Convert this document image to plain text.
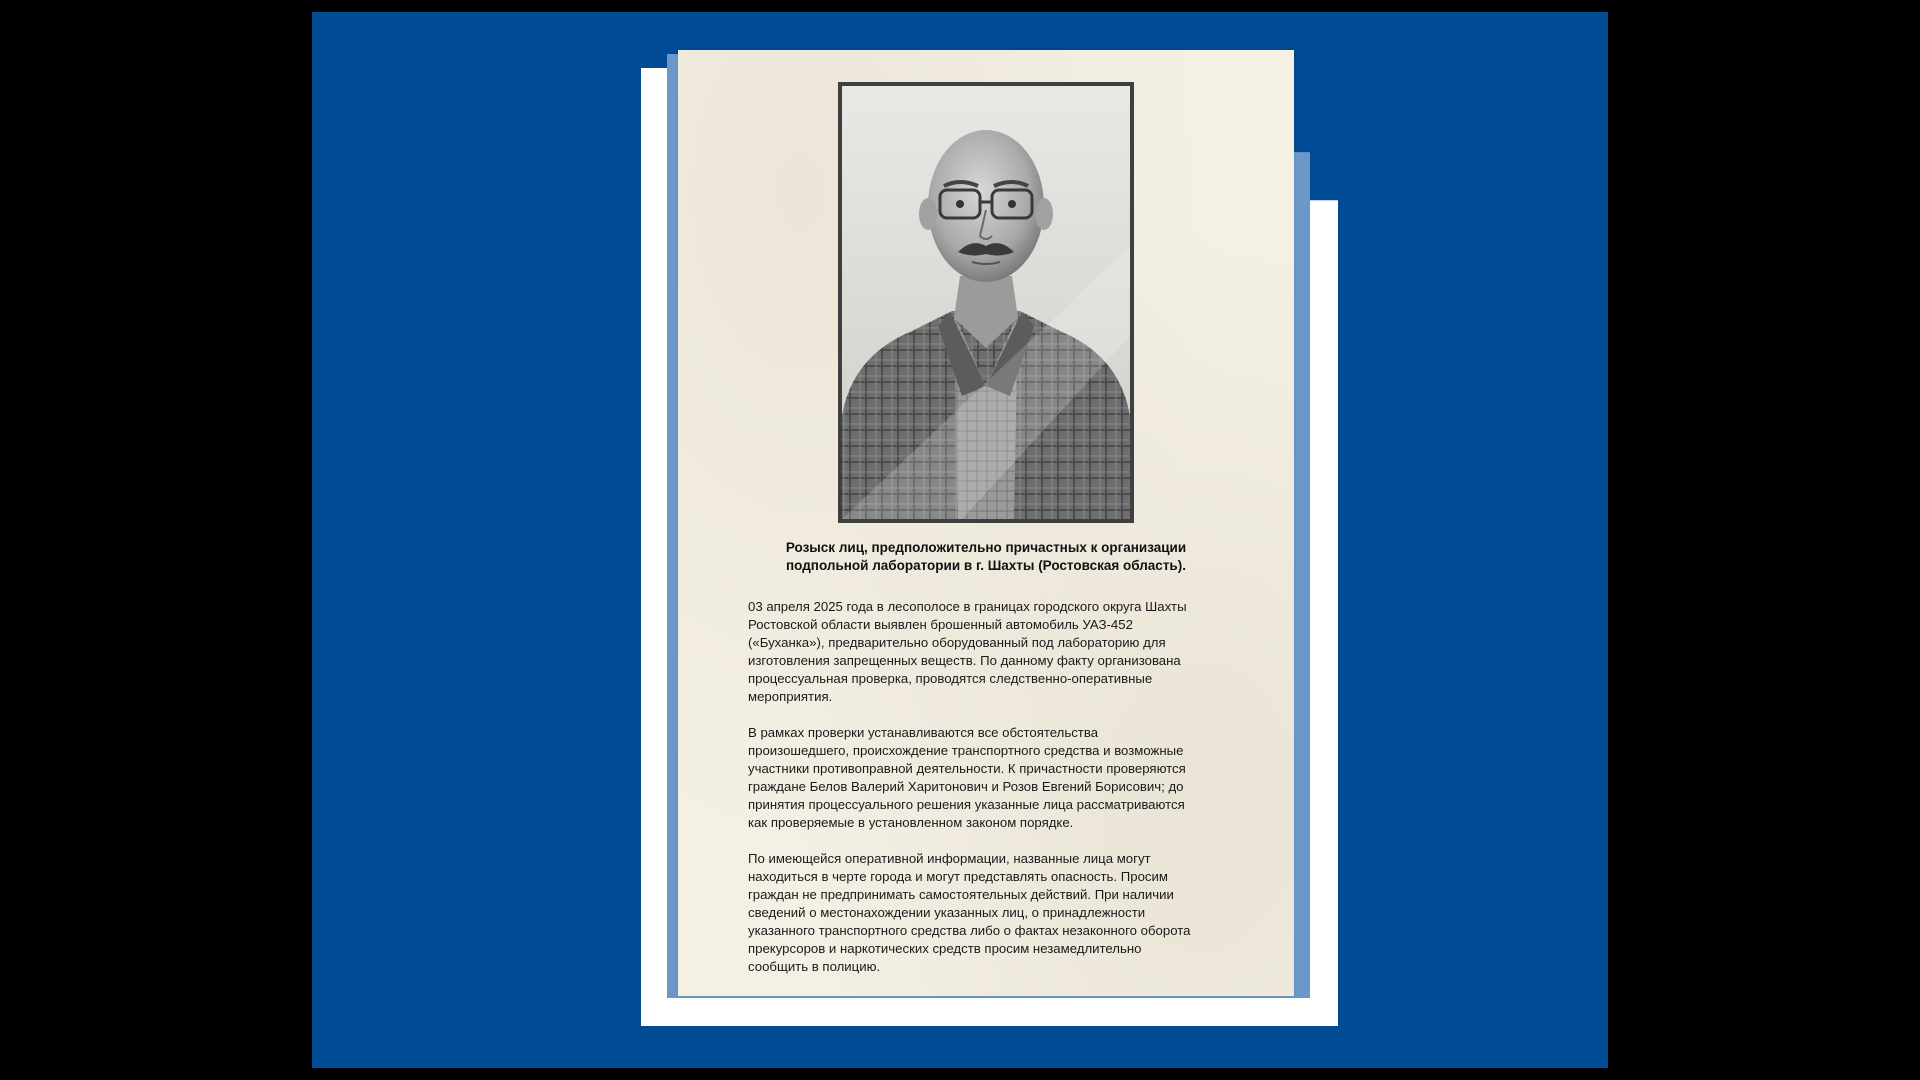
Розыск лиц, предположительно причастных к организации
подпольной лаборатории в г. Шахты (Ростовская область).
03 апреля 2025 года в лесополосе в границах городского округа Шахты
Ростовской области выявлен брошенный автомобиль УАЗ-452
(«Буханка»), предварительно оборудованный под лабораторию для
изготовления запрещенных веществ. По данному факту организована
процессуальная проверка, проводятся следственно-оперативные
мероприятия.
В рамках проверки устанавливаются все обстоятельства
произошедшего, происхождение транспортного средства и возможные
участники противоправной деятельности. К причастности проверяются
граждане Белов Валерий Харитонович и Розов Евгений Борисович; до
принятия процессуального решения указанные лица рассматриваются
как проверяемые в установленном законом порядке.
По имеющейся оперативной информации, названные лица могут
находиться в черте города и могут представлять опасность. Просим
граждан не предпринимать самостоятельных действий. При наличии
сведений о местонахождении указанных лиц, о принадлежности
указанного транспортного средства либо о фактах незаконного оборота
прекурсоров и наркотических средств просим незамедлительно
сообщить в полицию.
